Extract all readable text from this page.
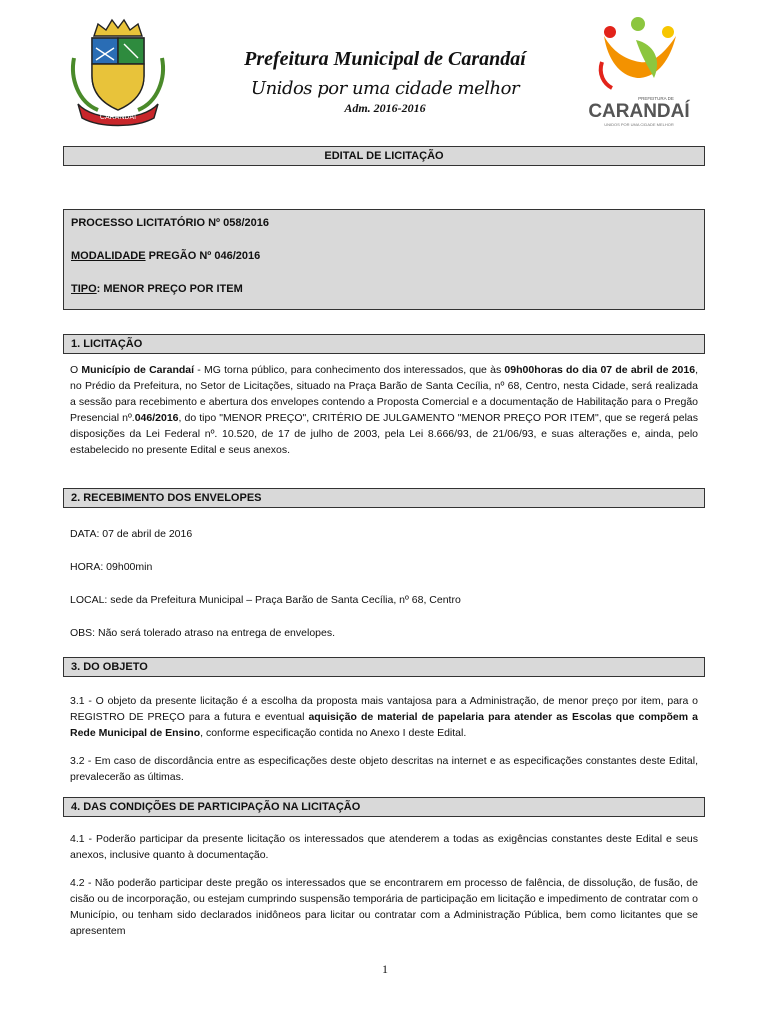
CARANDAÍ
Prefeitura Municipal de Carandaí
Unidos por uma cidade melhor
Adm. 2016-2016
PREFEITURA DE
CARANDAÍ
UNIDOS POR UMA CIDADE MELHOR
EDITAL DE LICITAÇÃO

PROCESSO LICITATÓRIO Nº 058/2016

MODALIDADE PREGÃO Nº 046/2016

TIPO: MENOR PREÇO POR ITEM

1. LICITAÇÃO

O Município de Carandaí - MG torna público, para conhecimento dos interessados, que às 09h00horas do dia 07 de abril de 2016, no Prédio da Prefeitura, no Setor de Licitações, situado na Praça Barão de Santa Cecília, nº 68, Centro, nesta Cidade, será realizada a sessão para recebimento e abertura dos envelopes contendo a Proposta Comercial e a documentação de Habilitação para o Pregão Presencial nº.046/2016, do tipo "MENOR PREÇO", CRITÉRIO DE JULGAMENTO "MENOR PREÇO POR ITEM", que se regerá pelas disposições da Lei Federal nº. 10.520, de 17 de julho de 2003, pela Lei 8.666/93, de 21/06/93, e suas alterações e, ainda, pelo estabelecido no presente Edital e seus anexos.

2. RECEBIMENTO DOS ENVELOPES

DATA: 07 de abril de 2016

HORA: 09h00min

LOCAL: sede da Prefeitura Municipal – Praça Barão de Santa Cecília, nº 68, Centro

OBS: Não será tolerado atraso na entrega de envelopes.

3. DO OBJETO

3.1 - O objeto da presente licitação é a escolha da proposta mais vantajosa para a Administração, de menor preço por item, para o REGISTRO DE PREÇO para a futura e eventual aquisição de material de papelaria para atender as Escolas que compõem a Rede Municipal de Ensino, conforme especificação contida no Anexo I deste Edital.

3.2 - Em caso de discordância entre as especificações deste objeto descritas na internet e as especificações constantes deste Edital, prevalecerão as últimas.

4. DAS CONDIÇÕES DE PARTICIPAÇÃO NA LICITAÇÃO

4.1 - Poderão participar da presente licitação os interessados que atenderem a todas as exigências constantes deste Edital e seus anexos, inclusive quanto à documentação.

4.2 - Não poderão participar deste pregão os interessados que se encontrarem em processo de falência, de dissolução, de fusão, de cisão ou de incorporação, ou estejam cumprindo suspensão temporária de participação em licitação e impedimento de contratar com o Município, ou tenham sido declarados inidôneos para licitar ou contratar com a Administração Pública, bem como licitantes que se apresentem

1
